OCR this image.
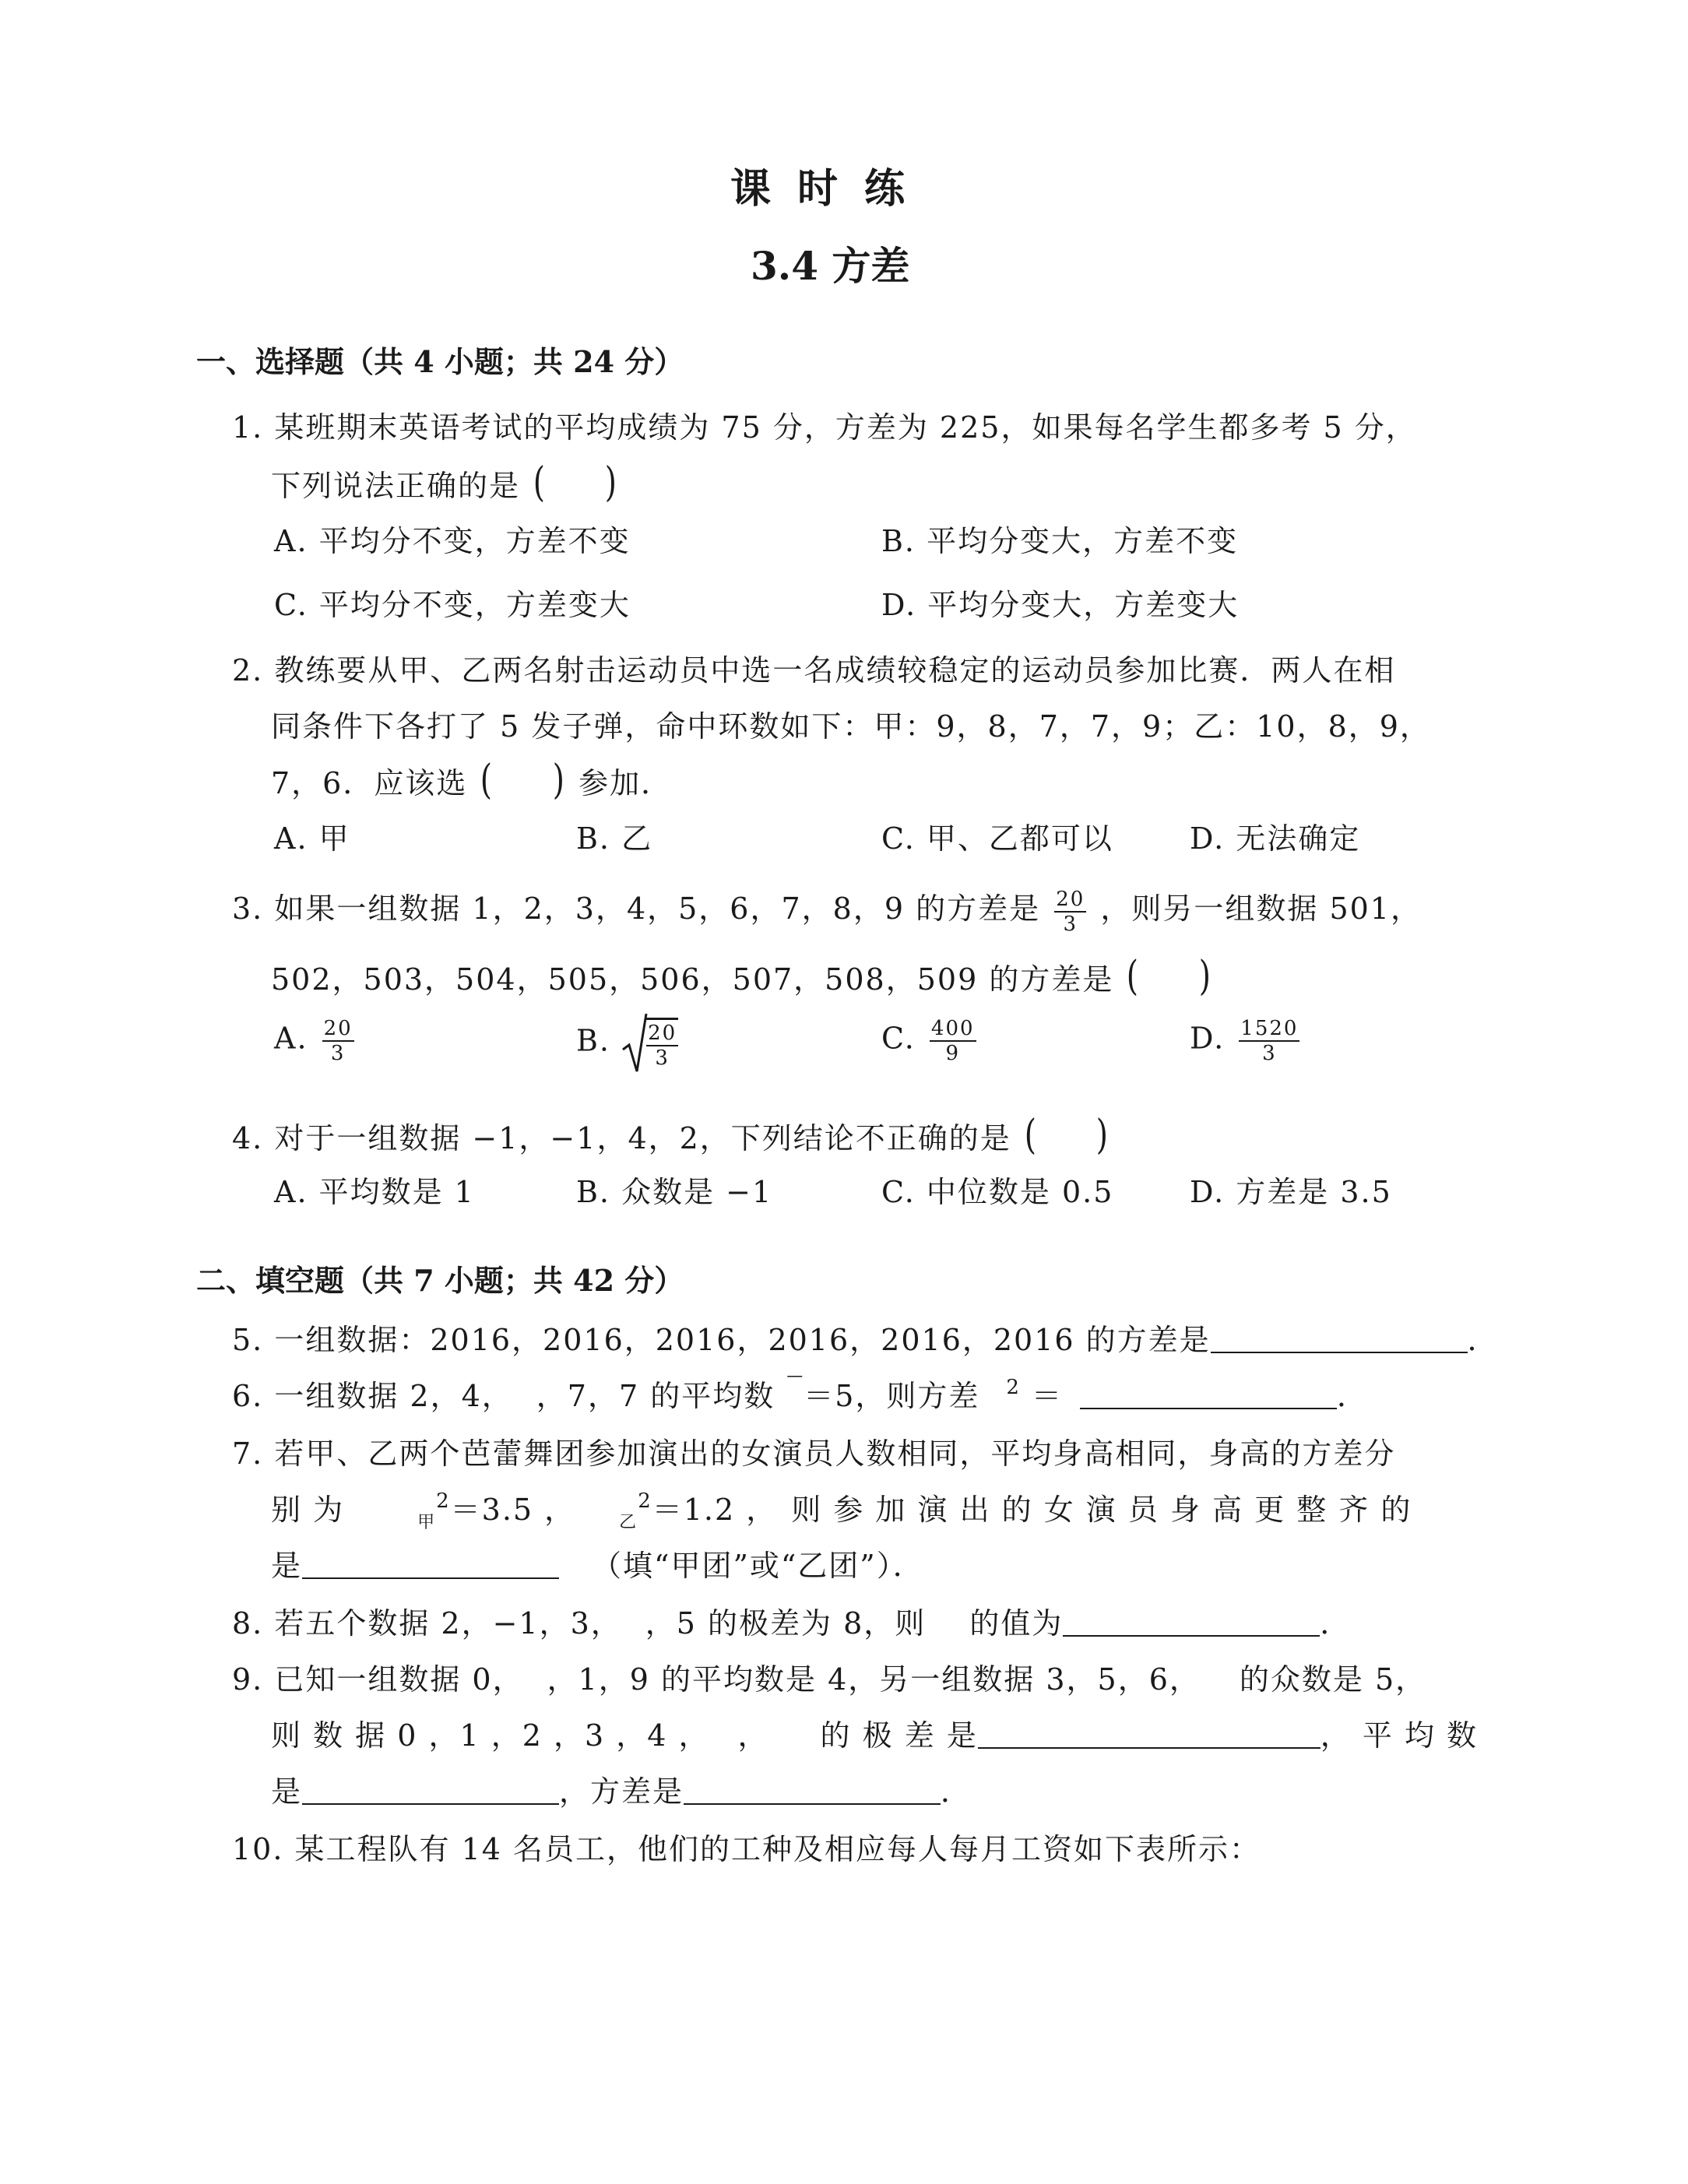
课时练
3.4 方差
一、选择题（共 4 小题；共 24 分）
1. 某班期末英语考试的平均成绩为 75 分，方差为 225，如果每名学生都多考 5 分，
下列说法正确的是 ( )
A. 平均分不变，方差不变	B. 平均分变大，方差不变
C. 平均分不变，方差变大	D. 平均分变大，方差变大
2. 教练要从甲、乙两名射击运动员中选一名成绩较稳定的运动员参加比赛．两人在相
同条件下各打了 5 发子弹，命中环数如下：甲：9，8，7，7，9；乙：10，8，9，
7，6．应该选 ( ) 参加．
A. 甲	B. 乙	C. 甲、乙都可以	D. 无法确定
3. 如果一组数据 1，2，3，4，5，6，7，8，9 的方差是 $\frac{20}{3}$ ，则另一组数据 501，
502，503，504，505，506，507，508，509 的方差是 ( )
A. $\frac{20}{3}$	B. $\frac{20}{3}$	C. $\frac{400}{9}$	D. $\frac{1520}{3}$
4. 对于一组数据 −1，−1，4，2，下列结论不正确的是 ( )
A. 平均数是 1	B. 众数是 −1	C. 中位数是 0.5	D. 方差是 3.5
二、填空题（共 7 小题；共 42 分）
5. 一组数据：2016，2016，2016，2016，2016，2016 的方差是	．
6. 一组数据 2，4， ，7，7 的平均数 ‾＝5，则方差 $^2$ ＝	．
7. 若甲、乙两个芭蕾舞团参加演出的女演员人数相同，平均身高相同，身高的方差分
别 为	$_甲^2$＝3.5 ，	$_乙^2$＝1.2 ， 则 参 加 演 出 的 女 演 员 身 高 更 整 齐 的
是	（填“甲团”或“乙团”）．
8. 若五个数据 2，−1，3， ，5 的极差为 8，则 的值为	．
9. 已知一组数据 0， ，1，9 的平均数是 4，另一组数据 3，5，6， 的众数是 5，
则 数 据 0 ，1 ，2 ，3 ，4 ， ， 的 极 差 是	， 平 均 数
是	，方差是	．
10. 某工程队有 14 名员工，他们的工种及相应每人每月工资如下表所示：
